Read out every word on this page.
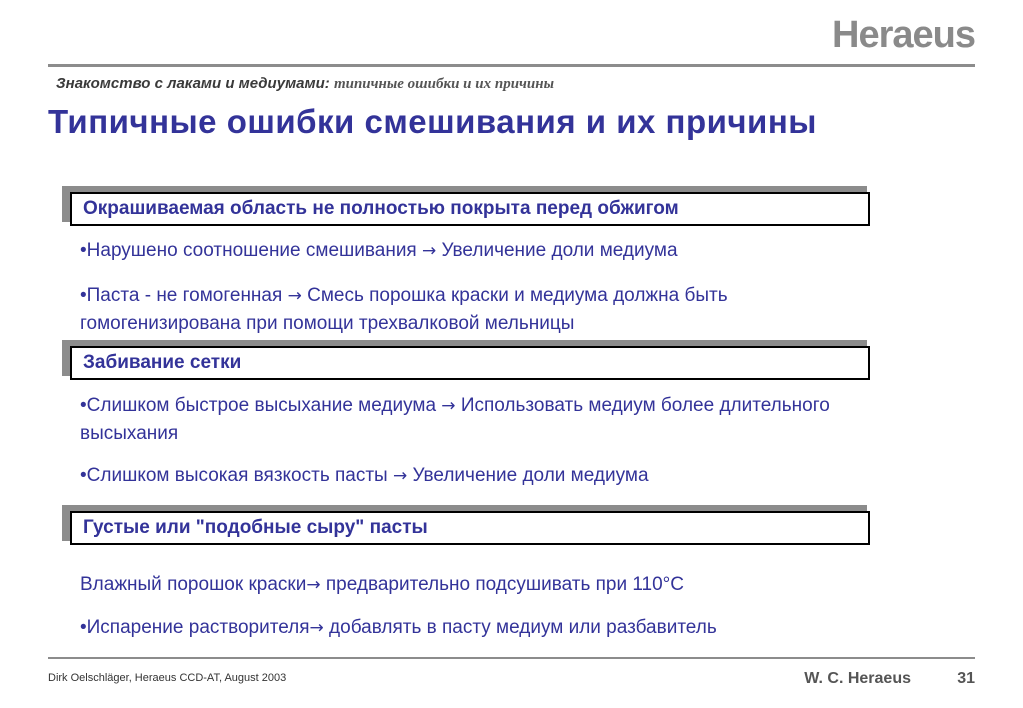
Heraeus
Знакомство с лаками и медиумами: типичные ошибки и их причины
Типичные ошибки смешивания и их причины
Окрашиваемая область не полностью покрыта перед обжигом
•Нарушено соотношение смешивания → Увеличение доли медиума
•Паста - не гомогенная → Смесь порошка краски и медиума должна быть гомогенизирована при помощи трехвалковой мельницы
Забивание сетки
•Слишком быстрое высыхание медиума → Использовать медиум более длительного высыхания
•Слишком высокая вязкость пасты → Увеличение доли медиума
Густые или "подобные сыру" пасты
Влажный порошок краски→ предварительно подсушивать при 110°С
•Испарение растворителя→ добавлять в пасту медиум или разбавитель
Dirk Oelschläger, Heraeus CCD-AT, August 2003	W. C. Heraeus	31
